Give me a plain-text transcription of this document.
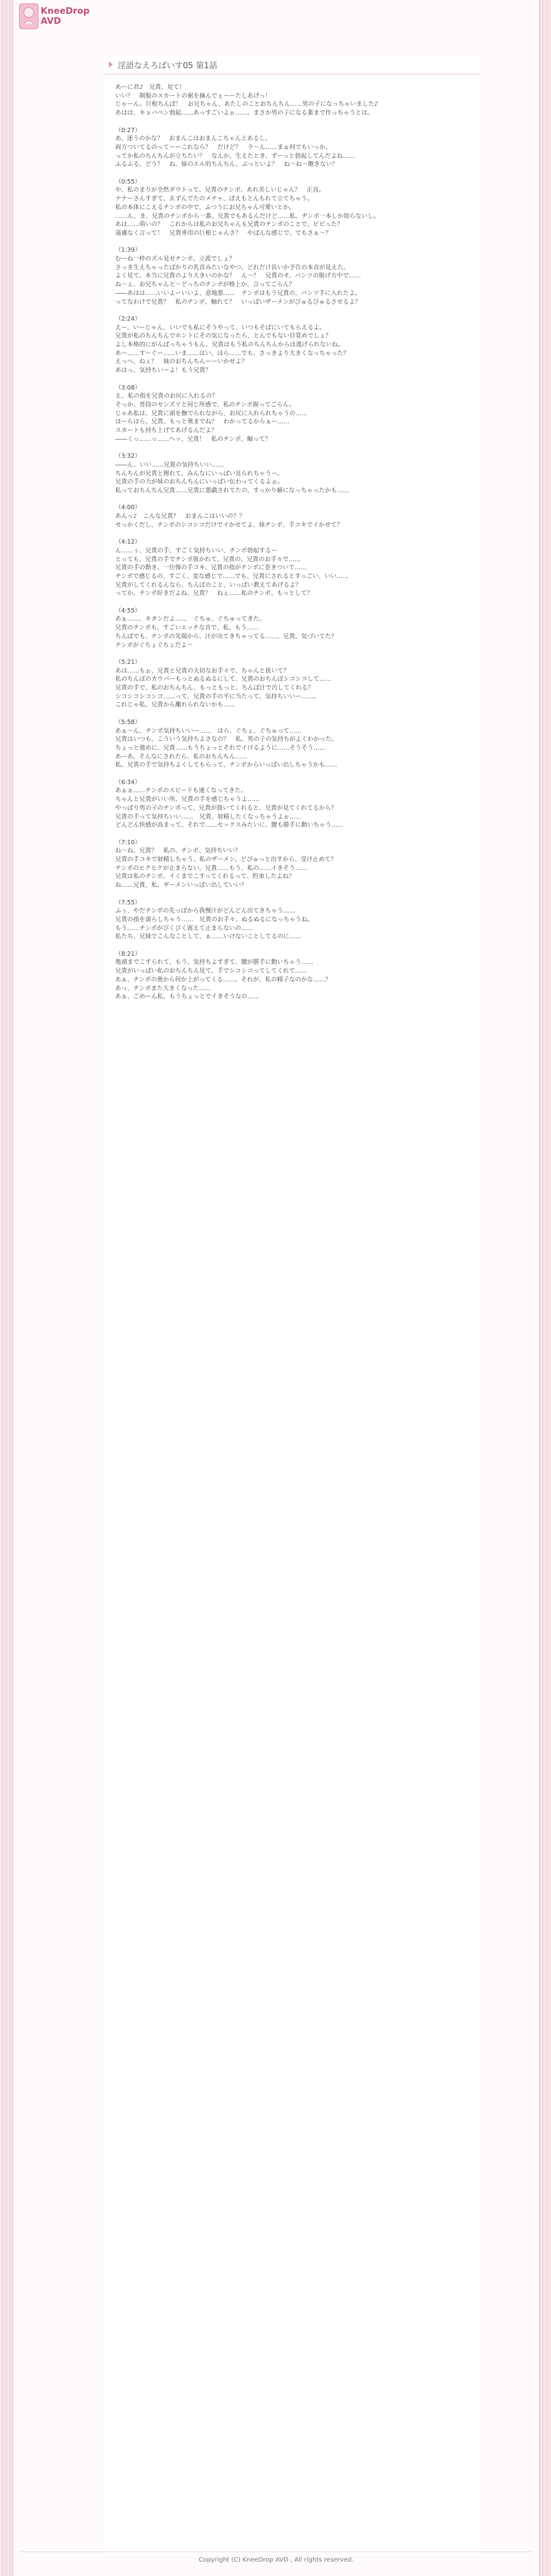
KneeDrop AVD
淫語なえろばいす05 第1話

あーに君♪　兄貴、見て！
いい？　制服のスカートの裾を摘んでぇーーたしあげっ！
じゃーん。巨根ちんぽ！　お兄ちゃん、あたしのことおちんちん……男の子になっちゃいました♪
あはは、キョバベン勃起……あっすごいよぉ……。まさか男の子になる薬まで作っちゃうとは。

（0:27）
あ、迷うのかな？　おまんこはおまんこちゃんとあるし。
両方ついてるのってーーこれなら？　だけど？　ラ～ん……まぁ何でもいっか。
ってか私のちんちんが立ちたい？　なんか、生えたとき、ずーっと勃起してんだよね……
ふるふる、どう？　ね、妹のエル的ちんちん、ぶっといよ？　ね～ね～飽きない？

（0:55）
や、私のまりが全然ダウトって、兄貴のチンポ、あれ美しいじゃん？　正直。
ナナーさんすぎて、ゑずんでたのメチャ、ぽえもとんもれて立てちゃう。
私の本体にこえるチンポの中で、ふつうにお兄ちゃん可愛いとか。
……ん、ま、兄貴のチンポから一番、兄貴でもあるんだけど……私、ヂンポ一本しか知らないし。
あは……萌いの？　これからは私のお兄ちゃんも兄貴のチンポのことで、ビビった？
遠慮なく言って！　兄貴専用の巨根じゃんさ？　やばんな感じで、でもさぁ～？

（1:39）
むーね一枠のズル見せチンポ、立派でしょ？
さっき生えちゃったばかりの乳首みたいなやつ、どれだけ長いか予告の本音が見えた。
よく見て、本当に兄貴のより大きいのかな？　ん～？　兄貴のオ、バンツの脱げ方中で……
ね～ぇ、お兄ちゃんと～どっちのチンポが格上か、言ってごらん？
――あはは……いいよーいいよ、意地悪……　チンポはもう兄貴の、バンツ手に入れたよ。
ってなわけで兄貴？　私のチンポ、触れて？　いっぱいザーメンがびゅるびゅるさせるよ？

（2:24）
えー、いーじゃん、いいでも私にそうやって、いつもそばにいてもらえるよ。
兄貴が私のちんちんでホントにその気になったら、とんでもない目覚めでしょ？
よし本格的にがんばっちゃうもん、兄貴はもう私のちんちんからは逃げられないね。
あー……すーぐー……いま……はい、ほら……でも、さっきより大きくなっちゃった？
えっへ、ねぇ？　妹のおちんちんーーいかせよ？
あはっ、気持ちいーよ！もう兄貴？

（3:08）
え、私の指を兄貴のお尻に入れるの？
そっか、普段のセンズリと同じ所感で、私のチンポ握ってごらん。
じゃあ私は、兄貴に頭を撫でられながら、お尻に入れられちゃうの……
ほーらほら、兄貴、もっと奥までね？　わかってるからぁー……
スカートも持ち上げてあげるんだよ？
――くっ……っ……ヘッ、兄貴！　私のチンポ、触って？

（3:32）
――ん、いい……兄貴の気持ちいい……
ちんちんが兄貴と擦れて、みんなにいっぱい見られちゃうー。
兄貴の手の力が妹のおちんちんにいっぱい伝わってくるよぉ。
私っておちんちん兄貴……兄貴に悪戯されてたの、すっかり癖になっちゃったかも……

（4:00）
あんっ♪　こんな兄貴？　おまんこはいいの？？
せっかくだし、チンポのシコシコだけでイかせてよ、妹チンポ、手コキでイかせて？

（4:12）
ん……ぅ、兄貴の手、すごく気持ちいい、チンポ勃起するー
とっても、兄貴の手でチンポ扱かれて、兄貴の、兄貴のお手々で……
兄貴の手の動き、一往復の手コキ、兄貴の指がチンポに巻きついて……
チンポで感じるの、すごく、変な感じで……でも、兄貴にされるとすっごい、いい……
兄貴がしてくれるんなら、ちんぽのこと、いっぱい教えてあげるよ？
ってか、チンポ好きだよね、兄貴？　ねぇ……私のチンポ、もっとして？

（4:55）
あぁ……、キタンだよ……　ぐちゅ、ぐちゅってきた。
兄貴のチンポも、すごいエッチな音で、私、もう……
ちんぽでも、チンポの先端から、汁が出てきちゃってる……、兄貴、気づいてた？
チンポがぐちょぐちょだよ～

（5:21）
あは……もぉ、兄貴と兄貴の大切なお手々で、ちゃんと扱いて？
私のちんぽのカウパーもっとぬるぬるにして、兄貴のおちんぽシコシコして……
兄貴の手で、私のおちんちん、もっともっと、ちんぽ汁で汚してくれる？
シコシコシコシコ……って、兄貴の手の平に当たって、気持ちいいー……。
これじゃ私、兄貴から離れられないかも……

（5:58）
あぁ～ん、チンポ気持ちいいー……　ほら、ぐちょ、ぐちゅって……
兄貴はいつも、こういう気持ちよさなの？　私、男の子の気持ちがよくわかった。
ちょっと強めに、兄貴……もうちょっとそれでイけるように……そうそう……
あーあ、そんなにされたら、私のおちんちん……
私、兄貴の手で気持ちよくしてもらって、チンポからいっぱい出しちゃうかも……

（6:34）
あぁぁ……チンポのスピードも速くなってきた。
ちゃんと兄貴がいい所、兄貴の手を感じちゃうよ……
やっぱり男の子のチンポって、兄貴が扱いてくれると、兄貴が見てくれてるから？
兄貴の手って気持ちいい……　兄貴、射精したくなっちゃうよぉ……
どんどん快感が高まって、それで……セックスみたいに、腰も勝手に動いちゃう……

（7:10）
ね～ね、兄貴？　私の、チンポ、気持ちいい？
兄貴の手コキで射精しちゃう、私のザーメン、どぴゅっと出すから、受け止めて？
チンポのヒクヒクが止まらない、兄貴……もう、私の……イきそう……
兄貴は私のチンポ、イくまでこすってくれるって、約束したよね？
ね……兄貴、私、ザーメンいっぱい出していい？

（7:55）
ふぅ、やだチンポの先っぽから我慢汁がどんどん出てきちゃう……
兄貴の指を濡らしちゃう……　兄貴のお手々、ぬるぬるになっちゃうね。
もう……チンポがびくびく震えて止まらないの……
私たち、兄妹でこんなことして、ぁ……いけないことしてるのに……

（8:21）
亀頭までこすられて、もう、気持ちよすぎて、腰が勝手に動いちゃう……
兄貴がいっぱい私のおちんちん見て、手でシコシコってしてくれて……
あぁ、チンポの奥から何か上がってくる……、それが、私の精子なのかな……？
あっ、チンポまた大きくなった……
あぁ、ごめーん私、もうちょっとでイきそうなの……

Copyright (C) KneeDrop AVD , All rights reserved.
